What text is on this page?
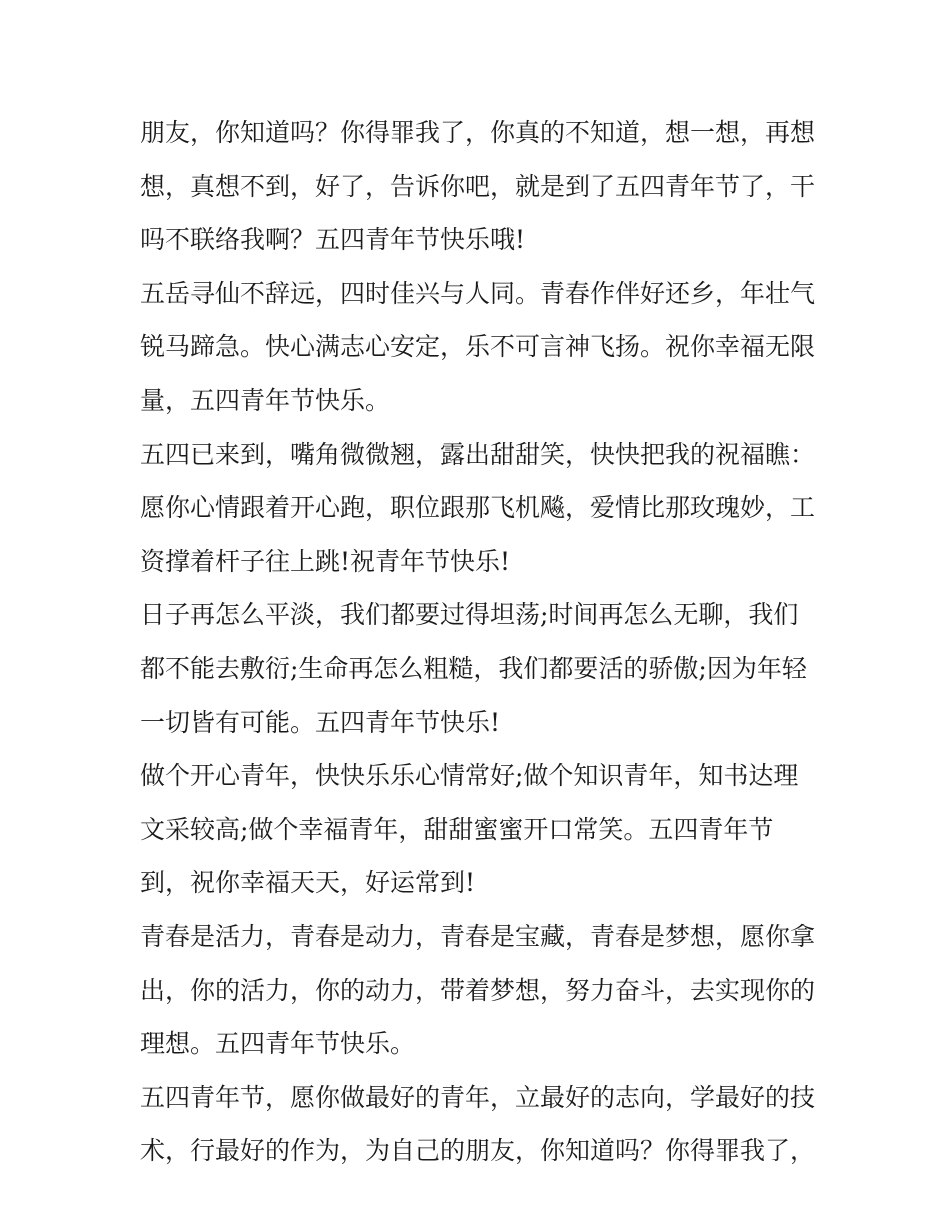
朋友，你知道吗？你得罪我了，你真的不知道，想一想，再想
想，真想不到，好了，告诉你吧，就是到了五四青年节了，干
吗不联络我啊？五四青年节快乐哦!
五岳寻仙不辞远，四时佳兴与人同。青春作伴好还乡，年壮气
锐马蹄急。快心满志心安定，乐不可言神飞扬。祝你幸福无限
量，五四青年节快乐。
五四已来到，嘴角微微翘，露出甜甜笑，快快把我的祝福瞧：
愿你心情跟着开心跑，职位跟那飞机飚，爱情比那玫瑰妙，工
资撑着杆子往上跳!祝青年节快乐!
日子再怎么平淡，我们都要过得坦荡;时间再怎么无聊，我们
都不能去敷衍;生命再怎么粗糙，我们都要活的骄傲;因为年轻
一切皆有可能。五四青年节快乐!
做个开心青年，快快乐乐心情常好;做个知识青年，知书达理
文采较高;做个幸福青年，甜甜蜜蜜开口常笑。五四青年节
到，祝你幸福天天，好运常到!
青春是活力，青春是动力，青春是宝藏，青春是梦想，愿你拿
出，你的活力，你的动力，带着梦想，努力奋斗，去实现你的
理想。五四青年节快乐。
五四青年节，愿你做最好的青年，立最好的志向，学最好的技
术，行最好的作为，为自己的朋友，你知道吗？你得罪我了，
